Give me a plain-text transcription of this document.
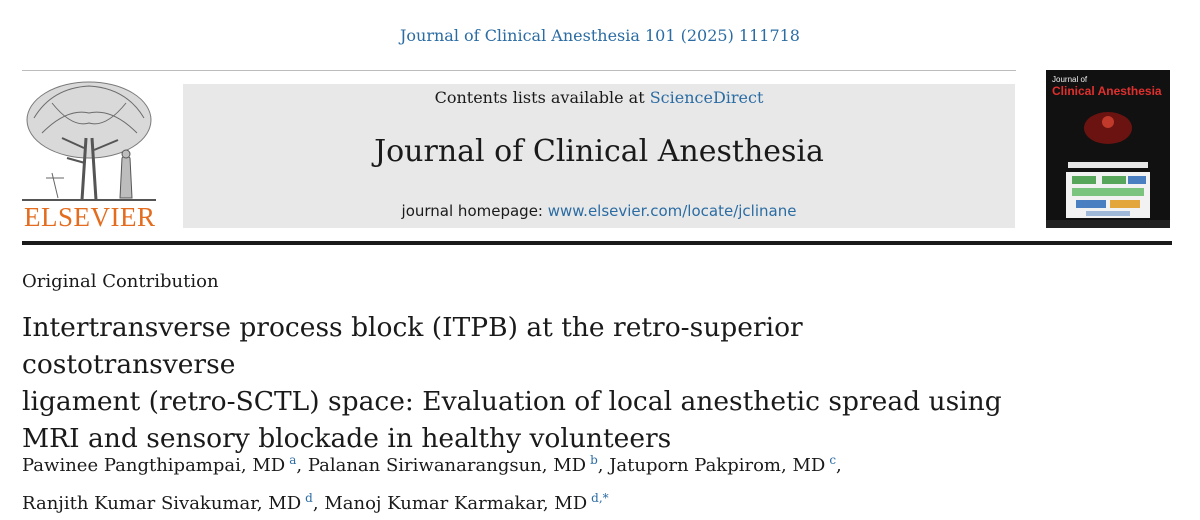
Journal of Clinical Anesthesia 101 (2025) 111718
ELSEVIER
Contents lists available at ScienceDirect
Journal of Clinical Anesthesia
journal homepage: www.elsevier.com/locate/jclinane
Journal of
Clinical Anesthesia
Original Contribution
Intertransverse process block (ITPB) at the retro-superior costotransverse
ligament (retro-SCTL) space: Evaluation of local anesthetic spread using
MRI and sensory blockade in healthy volunteers
Pawinee Pangthipampai, MD $^a$, Palanan Siriwanarangsun, MD $^b$, Jatuporn Pakpirom, MD $^c$,
Ranjith Kumar Sivakumar, MD $^d$, Manoj Kumar Karmakar, MD $^{d,*}$
